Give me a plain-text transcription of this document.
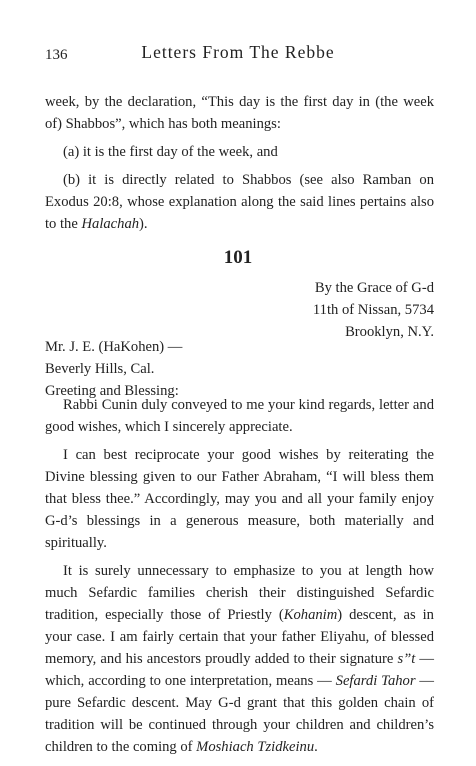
136	Letters From The Rebbe

week, by the declaration, “This day is the first day in (the week of) Shabbos”, which has both meanings:

(a) it is the first day of the week, and

(b) it is directly related to Shabbos (see also Ramban on Exodus 20:8, whose explanation along the said lines pertains also to the Halachah).

101
By the Grace of G-d
11th of Nissan, 5734
Brooklyn, N.Y.
Mr. J. E. (HaKohen) —
Beverly Hills, Cal.
Greeting and Blessing:

Rabbi Cunin duly conveyed to me your kind regards, letter and good wishes, which I sincerely appreciate.

I can best reciprocate your good wishes by reiterating the Divine blessing given to our Father Abraham, “I will bless them that bless thee.” Accordingly, may you and all your family enjoy G-d’s blessings in a generous measure, both materially and spiritually.

It is surely unnecessary to emphasize to you at length how much Sefardic families cherish their distinguished Sefardic tradition, especially those of Priestly (Kohanim) descent, as in your case. I am fairly certain that your father Eliyahu, of blessed memory, and his ancestors proudly added to their signature s”t — which, according to one interpretation, means — Sefardi Tahor — pure Sefardic descent. May G-d grant that this golden chain of tradition will be continued through your children and children’s children to the coming of Moshiach Tzidkeinu.
